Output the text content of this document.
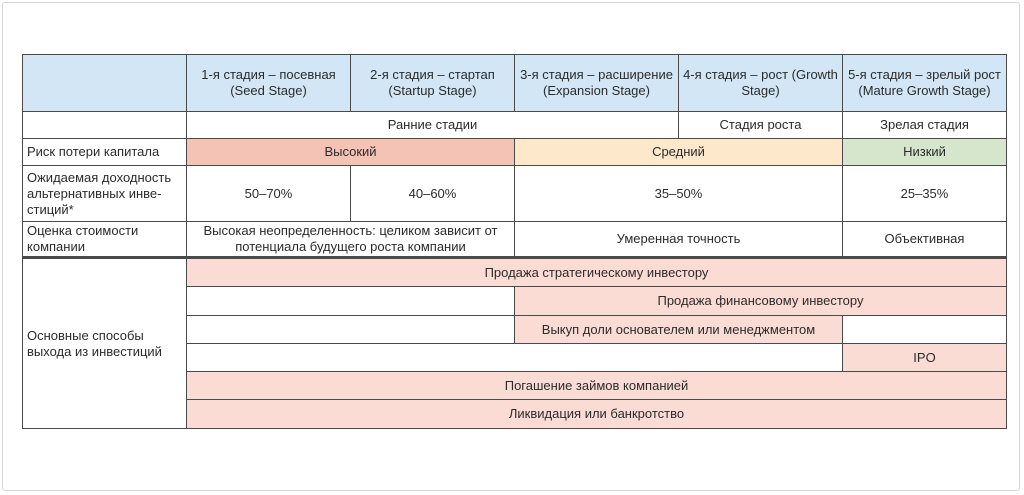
	1-я стадия – посевная (Seed Stage)	2-я стадия – стартап (Startup Stage)	3-я стадия – расширение (Expansion Stage)	4-я стадия – рост (Growth Stage)	5-я стадия – зрелый рост (Mature Growth Stage)
	Ранние стадии			Стадия роста	Зрелая стадия
Риск потери капитала	Высокий		Средний		Низкий
Ожидаемая доходность альтернативных инве-стиций*	50–70%	40–60%	35–50%		25–35%
Оценка стоимости компании	Высокая неопределенность: целиком зависит от потенциала будущего роста компании		Умеренная точность		Объективная
Основные способы выхода из инвестиций	Продажа стратегическому инвестору				
			Продажа финансовому инвестору		
			Выкуп доли основателем или менеджментом		
					IPO
	Погашение займов компанией				
	Ликвидация или банкротство				
